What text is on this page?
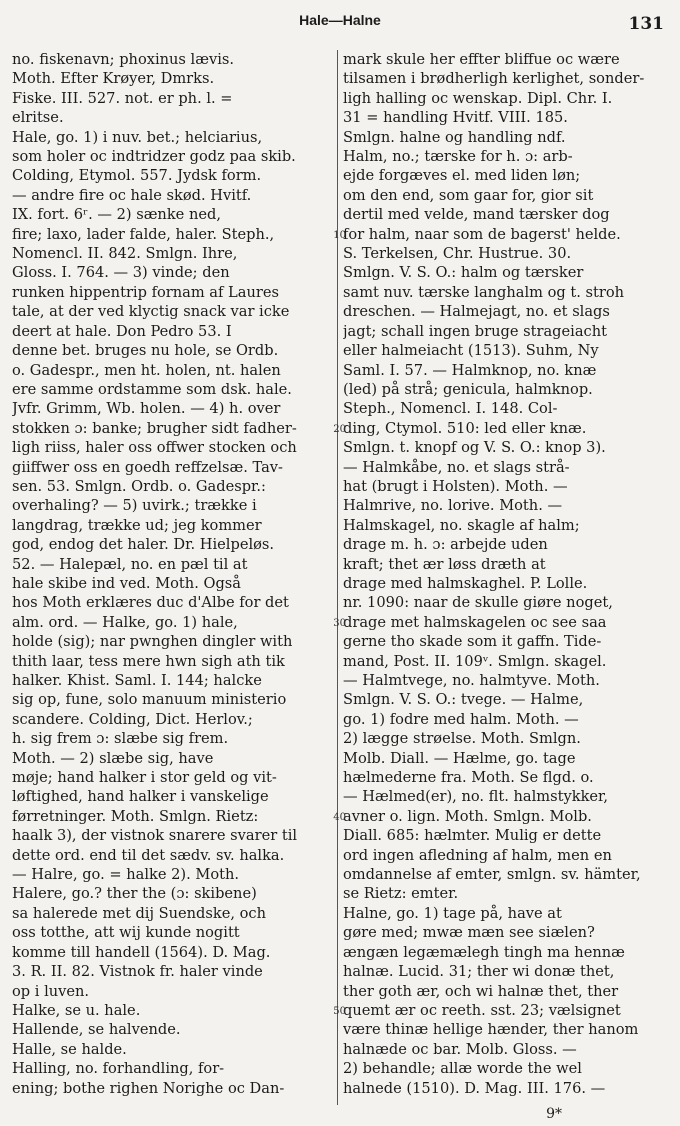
Hale—Halne	131
no. fiskenavn; phoxinus lævis.
Moth. Efter Krøyer, Dmrks.
Fiske. III. 527. not. er ph. l. =
elritse.
Hale, go. 1) i nuv. bet.; helciarius,
som holer oc indtridzer godz paa skib.
Colding, Etymol. 557. Jydsk form.
— andre fire oc hale skød. Hvitf.
IX. fort. 6ʳ. — 2) sænke ned,
fire; laxo, lader falde, haler. Steph.,
Nomencl. II. 842. Smlgn. Ihre,
Gloss. I. 764. — 3) vinde; den
runken hippentrip fornam af Laures
tale, at der ved klyctig snack var icke
deert at hale. Don Pedro 53. I
denne bet. bruges nu hole, se Ordb.
o. Gadespr., men ht. holen, nt. halen
ere samme ordstamme som dsk. hale.
Jvfr. Grimm, Wb. holen. — 4) h. over
stokken ɔ: banke; brugher sidt fadher-
ligh riiss, haler oss offwer stocken och
giiffwer oss en goedh reffzelsæ. Tav-
sen. 53. Smlgn. Ordb. o. Gadespr.:
overhaling? — 5) uvirk.; trække i
langdrag, trække ud; jeg kommer
god, endog det haler. Dr. Hielpeløs.
52. — Halepæl, no. en pæl til at
hale skibe ind ved. Moth. Også
hos Moth erklæres duc d'Albe for det
alm. ord. — Halke, go. 1) hale,
holde (sig); nar pwnghen dingler with
thith laar, tess mere hwn sigh ath tik
halker. Khist. Saml. I. 144; halcke
sig op, fune, solo manuum ministerio
scandere. Colding, Dict. Herlov.;
h. sig frem ɔ: slæbe sig frem.
Moth. — 2) slæbe sig, have
møje; hand halker i stor geld og vit-
løftighed, hand halker i vanskelige
førretninger. Moth. Smlgn. Rietz:
haalk 3), der vistnok snarere svarer til
dette ord. end til det sædv. sv. halka.
— Halre, go. = halke 2). Moth.
Halere, go.? ther the (ɔ: skibene)
sa halerede met dij Suendske, och
oss totthe, att wij kunde nogitt
komme till handell (1564). D. Mag.
3. R. II. 82. Vistnok fr. haler vinde
op i luven.
Halke, se u. hale.
Hallende, se halvende.
Halle, se halde.
Halling, no. forhandling, for-
ening; bothe righen Norighe oc Dan-
mark skule her effter bliffue oc wære
tilsamen i brødherligh kerlighet, sonder-
ligh halling oc wenskap. Dipl. Chr. I.
31 = handling Hvitf. VIII. 185.
Smlgn. halne og handling ndf.
Halm, no.; tærske for h. ɔ: arb-
ejde forgæves el. med liden løn;
om den end, som gaar for, gior sit
dertil med velde, mand tærsker dog
for halm, naar som de bagerst' helde.
S. Terkelsen, Chr. Hustrue. 30.
Smlgn. V. S. O.: halm og tærsker
samt nuv. tærske langhalm og t. stroh
dreschen. — Halmejagt, no. et slags
jagt; schall ingen bruge strageiacht
eller halmeiacht (1513). Suhm, Ny
Saml. I. 57. — Halmknop, no. knæ
(led) på strå; genicula, halmknop.
Steph., Nomencl. I. 148. Col-
ding, Ctymol. 510: led eller knæ.
Smlgn. t. knopf og V. S. O.: knop 3).
— Halmkåbe, no. et slags strå-
hat (brugt i Holsten). Moth. —
Halmrive, no. lorive. Moth. —
Halmskagel, no. skagle af halm;
drage m. h. ɔ: arbejde uden
kraft; thet ær løss dræth at
drage med halmskaghel. P. Lolle.
nr. 1090: naar de skulle giøre noget,
drage met halmskagelen oc see saa
gerne tho skade som it gaffn. Tide-
mand, Post. II. 109ᵛ. Smlgn. skagel.
— Halmtvege, no. halmtyve. Moth.
Smlgn. V. S. O.: tvege. — Halme,
go. 1) fodre med halm. Moth. —
2) lægge strøelse. Moth. Smlgn.
Molb. Diall. — Hælme, go. tage
hælmederne fra. Moth. Se flgd. o.
— Hælmed(er), no. flt. halmstykker,
avner o. lign. Moth. Smlgn. Molb.
Diall. 685: hælmter. Mulig er dette
ord ingen afledning af halm, men en
omdannelse af emter, smlgn. sv. hämter,
se Rietz: emter.
Halne, go. 1) tage på, have at
gøre med; mwæ mæn see siælen?
ængæn legæmælegh tingh ma hennæ
halnæ. Lucid. 31; ther wi donæ thet,
ther goth ær, och wi halnæ thet, ther
quemt ær oc reeth. sst. 23; vælsignet
være thinæ hellige hænder, ther hanom
halnæde oc bar. Molb. Gloss. —
2) behandle; allæ worde the wel
halnede (1510). D. Mag. III. 176. —
10
20
30
40
50
9*
